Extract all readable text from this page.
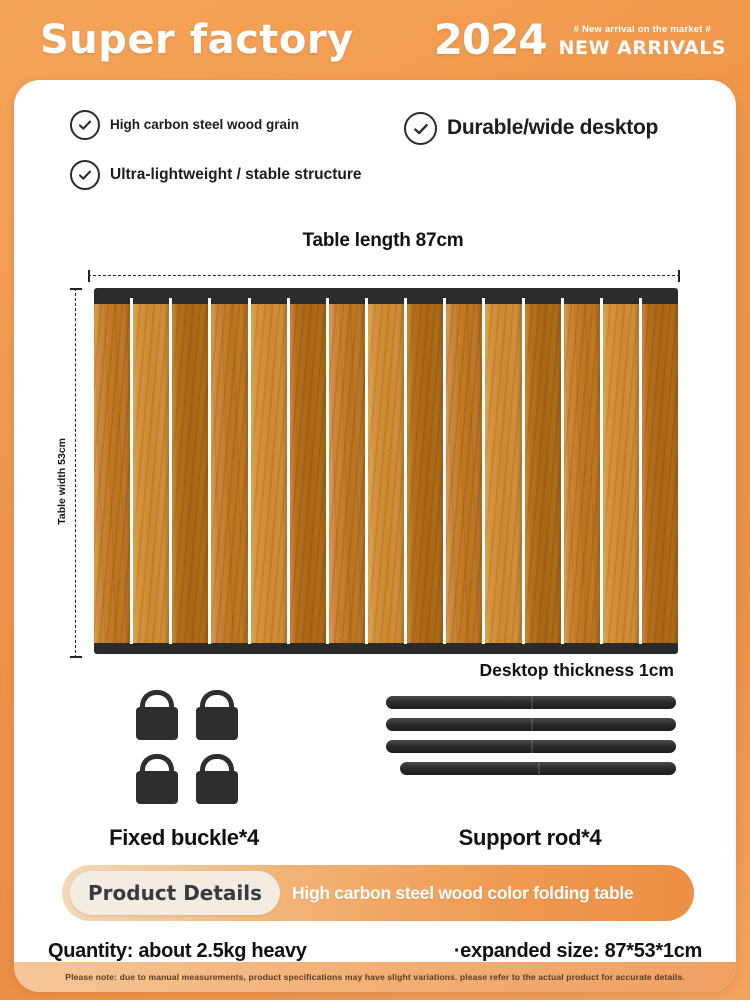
Super factory 2024	# New arrival on the market #
NEW ARRIVALS
High carbon steel wood grain	Durable/wide desktop
Ultra-lightweight / stable structure
Table length 87cm
Table width 53cm
Desktop thickness 1cm
Fixed buckle*4	Support rod*4
Product Details	High carbon steel wood color folding table
Quantity: about 2.5kg heavy	·expanded size: 87*53*1cm
Please note: due to manual measurements, product specifications may have slight variations. please refer to the actual product for accurate details.
